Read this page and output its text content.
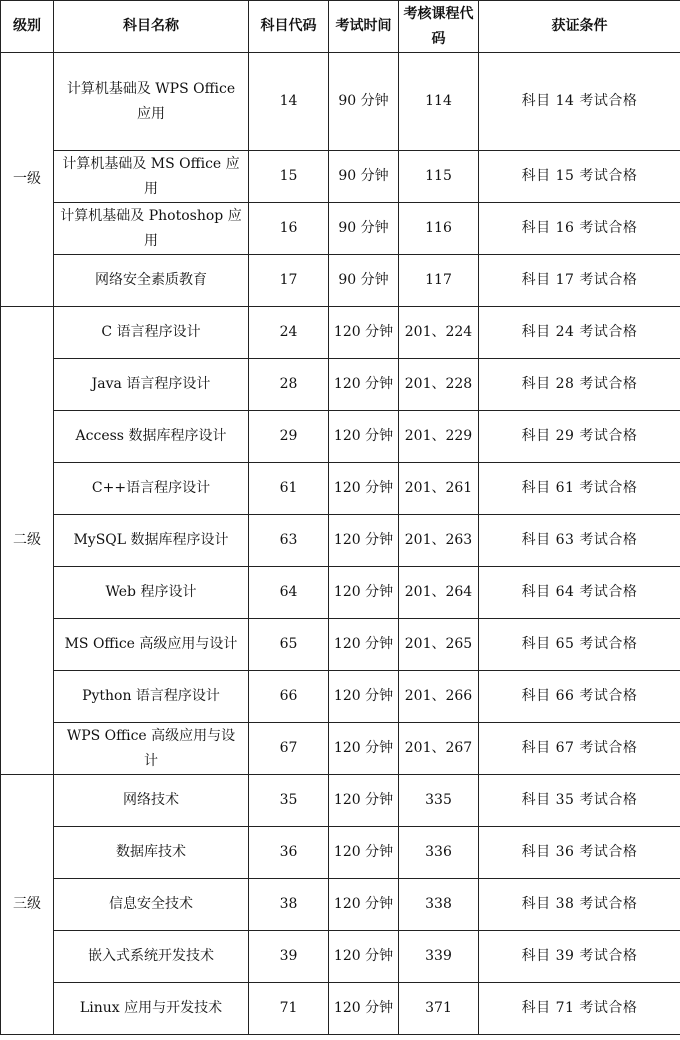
级别	科目名称	科目代码	考试时间	考核课程代码	获证条件
一级	计算机基础及 WPS Office 应用	14	90 分钟	114	科目 14 考试合格
	计算机基础及 MS Office 应用	15	90 分钟	115	科目 15 考试合格
	计算机基础及 Photoshop 应用	16	90 分钟	116	科目 16 考试合格
	网络安全素质教育	17	90 分钟	117	科目 17 考试合格
二级	C 语言程序设计	24	120 分钟	201、224	科目 24 考试合格
	Java 语言程序设计	28	120 分钟	201、228	科目 28 考试合格
	Access 数据库程序设计	29	120 分钟	201、229	科目 29 考试合格
	C++语言程序设计	61	120 分钟	201、261	科目 61 考试合格
	MySQL 数据库程序设计	63	120 分钟	201、263	科目 63 考试合格
	Web 程序设计	64	120 分钟	201、264	科目 64 考试合格
	MS Office 高级应用与设计	65	120 分钟	201、265	科目 65 考试合格
	Python 语言程序设计	66	120 分钟	201、266	科目 66 考试合格
	WPS Office 高级应用与设计	67	120 分钟	201、267	科目 67 考试合格
三级	网络技术	35	120 分钟	335	科目 35 考试合格
	数据库技术	36	120 分钟	336	科目 36 考试合格
	信息安全技术	38	120 分钟	338	科目 38 考试合格
	嵌入式系统开发技术	39	120 分钟	339	科目 39 考试合格
	Linux 应用与开发技术	71	120 分钟	371	科目 71 考试合格
